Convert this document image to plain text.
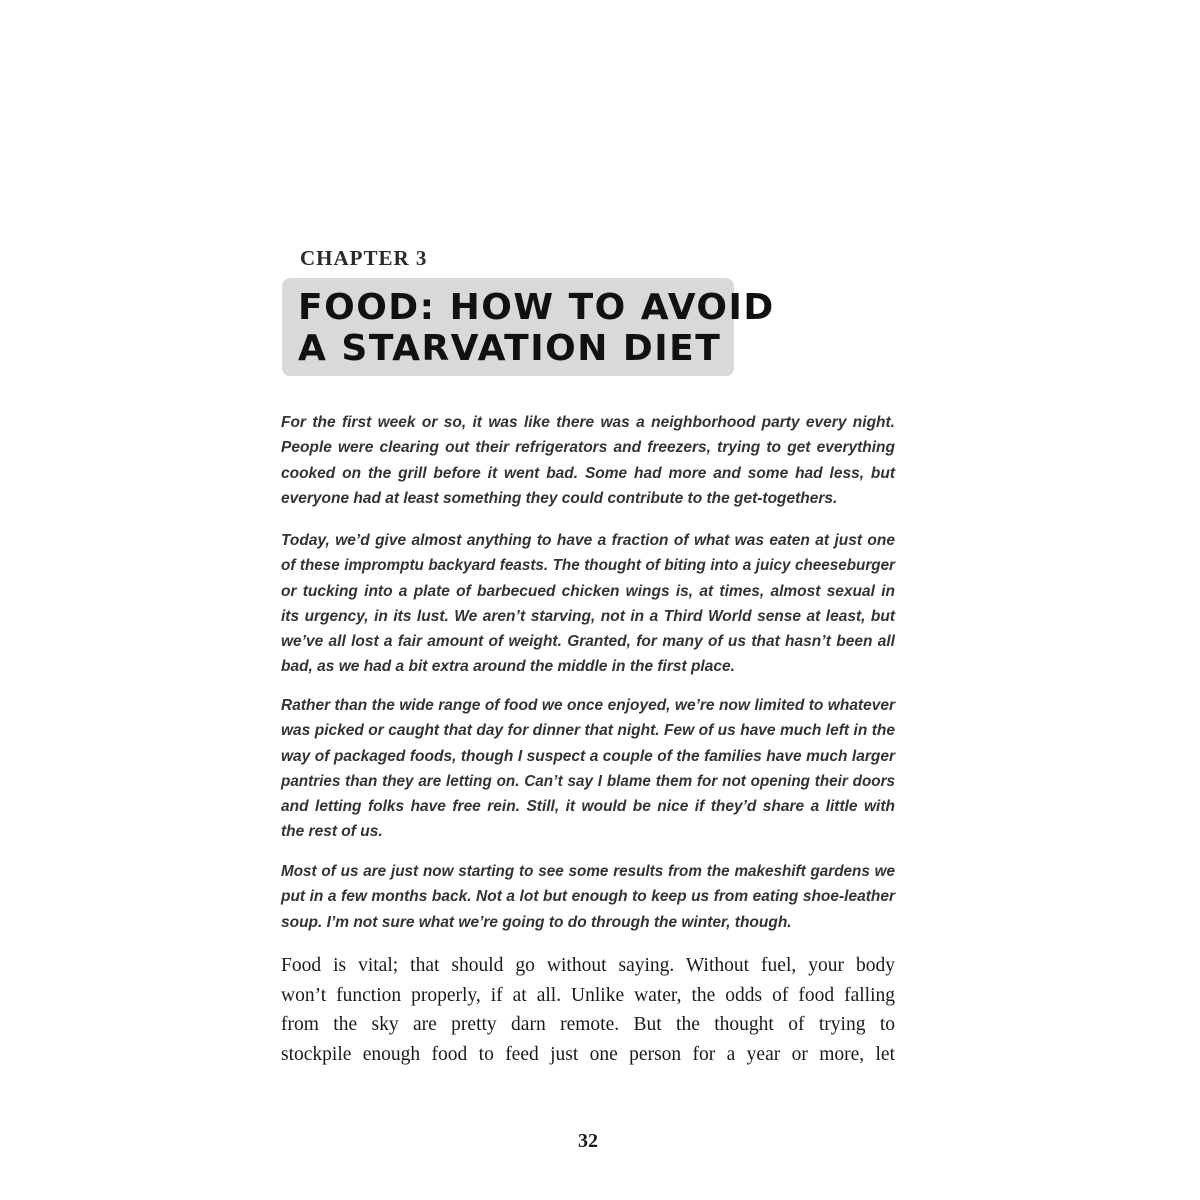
CHAPTER 3
FOOD: HOW TO AVOID
A STARVATION DIET
For the first week or so, it was like there was a neighborhood party every night.
People were clearing out their refrigerators and freezers, trying to get everything
cooked on the grill before it went bad. Some had more and some had less, but
everyone had at least something they could contribute to the get-togethers.
Today, we’d give almost anything to have a fraction of what was eaten at just one
of these impromptu backyard feasts. The thought of biting into a juicy cheeseburger
or tucking into a plate of barbecued chicken wings is, at times, almost sexual in
its urgency, in its lust. We aren’t starving, not in a Third World sense at least, but
we’ve all lost a fair amount of weight. Granted, for many of us that hasn’t been all
bad, as we had a bit extra around the middle in the first place.
Rather than the wide range of food we once enjoyed, we’re now limited to whatever
was picked or caught that day for dinner that night. Few of us have much left in the
way of packaged foods, though I suspect a couple of the families have much larger
pantries than they are letting on. Can’t say I blame them for not opening their doors
and letting folks have free rein. Still, it would be nice if they’d share a little with
the rest of us.
Most of us are just now starting to see some results from the makeshift gardens we
put in a few months back. Not a lot but enough to keep us from eating shoe-leather
soup. I’m not sure what we’re going to do through the winter, though.
Food is vital; that should go without saying. Without fuel, your body
won’t function properly, if at all. Unlike water, the odds of food falling
from the sky are pretty darn remote. But the thought of trying to
stockpile enough food to feed just one person for a year or more, let
32
